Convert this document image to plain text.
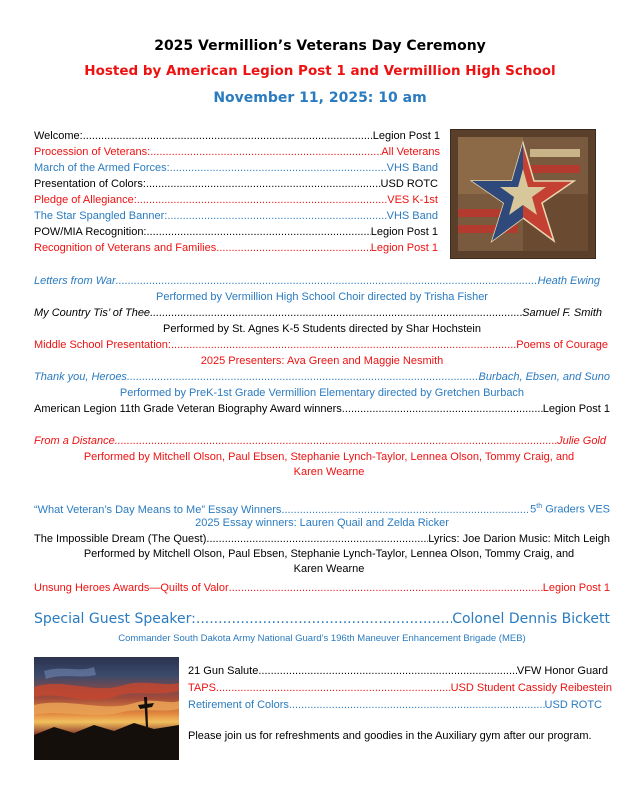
2025 Vermillion’s Veterans Day Ceremony
Hosted by American Legion Post 1 and Vermillion High School
November 11, 2025: 10 am
Welcome: .....	Legion Post 1
Procession of Veterans: .....	All Veterans
March of the Armed Forces: .....	VHS Band
Presentation of Colors: .....	USD ROTC
Pledge of Allegiance: .....	VES K-1st
The Star Spangled Banner: .....	VHS Band
POW/MIA Recognition: .....	Legion Post 1
Recognition of Veterans and Families .....	Legion Post 1
Letters from War .....	Heath Ewing
Performed by Vermillion High School Choir directed by Trisha Fisher
My Country Tis’ of Thee .....	Samuel F. Smith
Performed by St. Agnes K-5 Students directed by Shar Hochstein
Middle School Presentation: .....	Poems of Courage
2025 Presenters: Ava Green and Maggie Nesmith
Thank you, Heroes .....	Burbach, Ebsen, and Suno
Performed by PreK-1st Grade Vermillion Elementary directed by Gretchen Burbach
American Legion 11th Grade Veteran Biography Award winners .....	Legion Post 1
From a Distance .....	Julie Gold
Performed by Mitchell Olson, Paul Ebsen, Stephanie Lynch-Taylor, Lennea Olson, Tommy Craig, and
Karen Wearne
“What Veteran’s Day Means to Me” Essay Winners .....	5th Graders VES
2025 Essay winners: Lauren Quail and Zelda Ricker
The Impossible Dream (The Quest) .....	Lyrics: Joe Darion Music: Mitch Leigh
Performed by Mitchell Olson, Paul Ebsen, Stephanie Lynch-Taylor, Lennea Olson, Tommy Craig, and
Karen Wearne
Unsung Heroes Awards—Quilts of Valor .....	Legion Post 1
Special Guest Speaker: .....	Colonel Dennis Bickett
Commander South Dakota Army National Guard’s 196th Maneuver Enhancement Brigade (MEB)
21 Gun Salute .....	VFW Honor Guard
TAPS .....	USD Student Cassidy Reibestein
Retirement of Colors .....	USD ROTC
Please join us for refreshments and goodies in the Auxiliary gym after our program.
